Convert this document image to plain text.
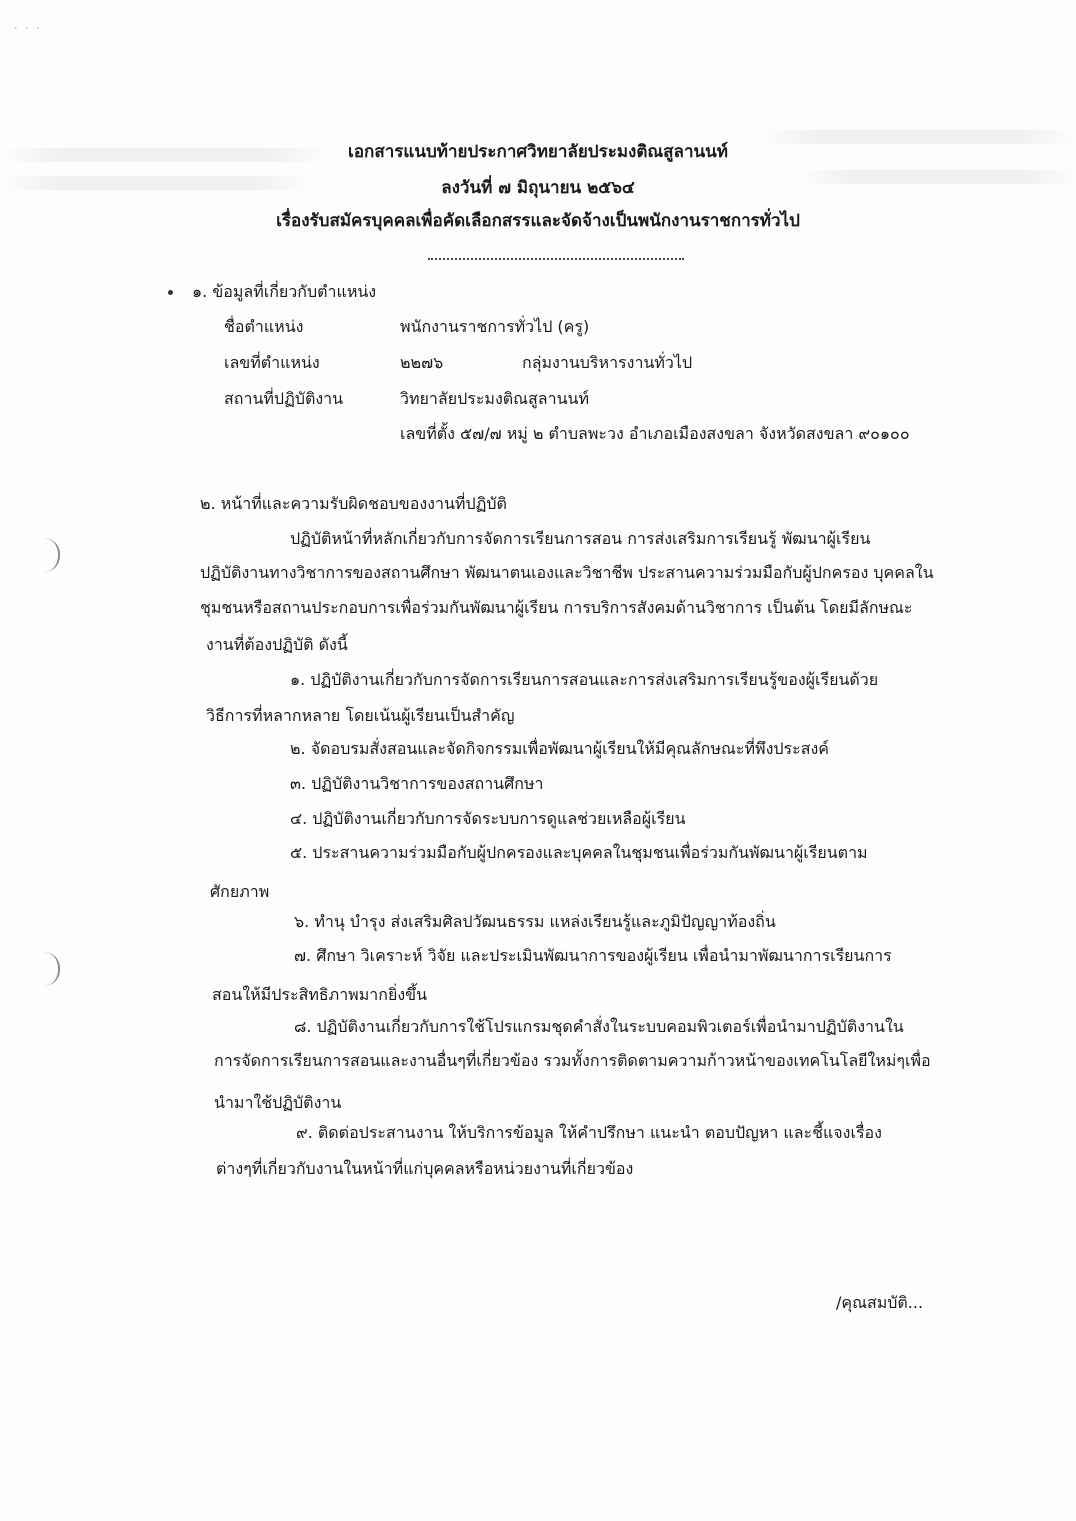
· · ·
เอกสารแนบท้ายประกาศวิทยาลัยประมงติณสูลานนท์
ลงวันที่ ๗ มิถุนายน ๒๕๖๔
เรื่องรับสมัครบุคคลเพื่อคัดเลือกสรรและจัดจ้างเป็นพนักงานราชการทั่วไป
๑. ข้อมูลที่เกี่ยวกับตำแหน่ง
ชื่อตำแหน่ง	พนักงานราชการทั่วไป (ครู)
เลขที่ตำแหน่ง	๒๒๗๖	กลุ่มงานบริหารงานทั่วไป
สถานที่ปฏิบัติงาน	วิทยาลัยประมงติณสูลานนท์
เลขที่ตั้ง ๕๗/๗ หมู่ ๒ ตำบลพะวง อำเภอเมืองสงขลา จังหวัดสงขลา ๙๐๑๐๐
๒. หน้าที่และความรับผิดชอบของงานที่ปฏิบัติ
ปฏิบัติหน้าที่หลักเกี่ยวกับการจัดการเรียนการสอน การส่งเสริมการเรียนรู้ พัฒนาผู้เรียน
ปฏิบัติงานทางวิชาการของสถานศึกษา พัฒนาตนเองและวิชาชีพ ประสานความร่วมมือกับผู้ปกครอง บุคคลใน
ชุมชนหรือสถานประกอบการเพื่อร่วมกันพัฒนาผู้เรียน การบริการสังคมด้านวิชาการ เป็นต้น โดยมีลักษณะ
งานที่ต้องปฏิบัติ ดังนี้
๑. ปฏิบัติงานเกี่ยวกับการจัดการเรียนการสอนและการส่งเสริมการเรียนรู้ของผู้เรียนด้วย
วิธีการที่หลากหลาย โดยเน้นผู้เรียนเป็นสำคัญ
๒. จัดอบรมสั่งสอนและจัดกิจกรรมเพื่อพัฒนาผู้เรียนให้มีคุณลักษณะที่พึงประสงค์
๓. ปฏิบัติงานวิชาการของสถานศึกษา
๔. ปฏิบัติงานเกี่ยวกับการจัดระบบการดูแลช่วยเหลือผู้เรียน
๕. ประสานความร่วมมือกับผู้ปกครองและบุคคลในชุมชนเพื่อร่วมกันพัฒนาผู้เรียนตาม
ศักยภาพ
๖. ทำนุ บำรุง ส่งเสริมศิลปวัฒนธรรม แหล่งเรียนรู้และภูมิปัญญาท้องถิ่น
๗. ศึกษา วิเคราะห์ วิจัย และประเมินพัฒนาการของผู้เรียน เพื่อนำมาพัฒนาการเรียนการ
สอนให้มีประสิทธิภาพมากยิ่งขึ้น
๘. ปฏิบัติงานเกี่ยวกับการใช้โปรแกรมชุดคำสั่งในระบบคอมพิวเตอร์เพื่อนำมาปฏิบัติงานใน
การจัดการเรียนการสอนและงานอื่นๆที่เกี่ยวข้อง รวมทั้งการติดตามความก้าวหน้าของเทคโนโลยีใหม่ๆเพื่อ
นำมาใช้ปฏิบัติงาน
๙. ติดต่อประสานงาน ให้บริการข้อมูล ให้คำปรึกษา แนะนำ ตอบปัญหา และชี้แจงเรื่อง
ต่างๆที่เกี่ยวกับงานในหน้าที่แก่บุคคลหรือหน่วยงานที่เกี่ยวข้อง
/คุณสมบัติ...
